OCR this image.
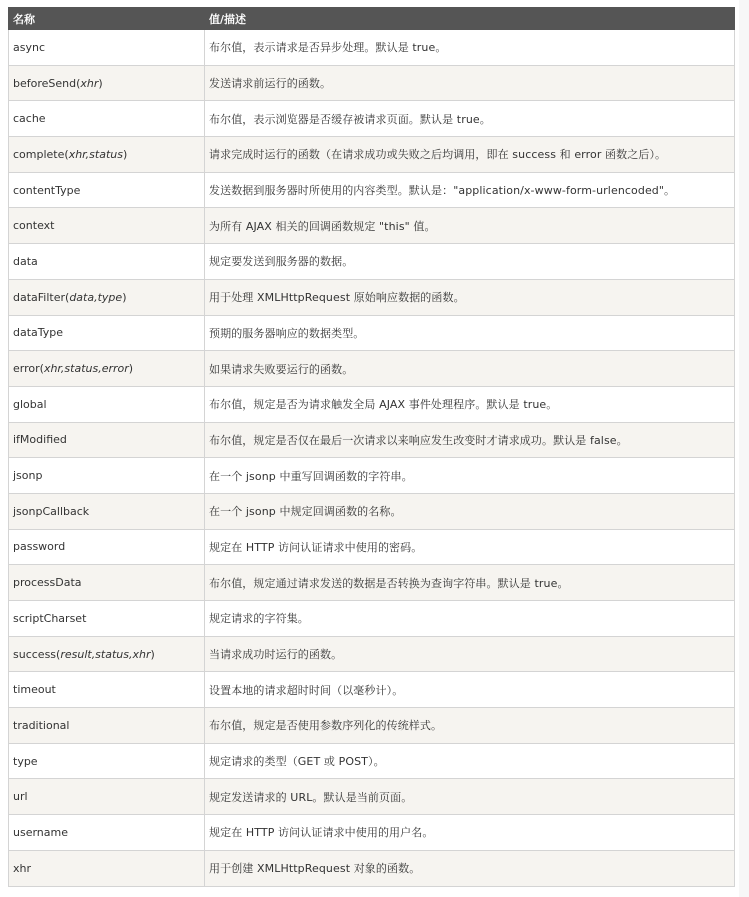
名称	值/描述
async	布尔值，表示请求是否异步处理。默认是 true。
beforeSend(xhr)	发送请求前运行的函数。
cache	布尔值，表示浏览器是否缓存被请求页面。默认是 true。
complete(xhr,status)	请求完成时运行的函数（在请求成功或失败之后均调用，即在 success 和 error 函数之后）。
contentType	发送数据到服务器时所使用的内容类型。默认是："application/x-www-form-urlencoded"。
context	为所有 AJAX 相关的回调函数规定 "this" 值。
data	规定要发送到服务器的数据。
dataFilter(data,type)	用于处理 XMLHttpRequest 原始响应数据的函数。
dataType	预期的服务器响应的数据类型。
error(xhr,status,error)	如果请求失败要运行的函数。
global	布尔值，规定是否为请求触发全局 AJAX 事件处理程序。默认是 true。
ifModified	布尔值，规定是否仅在最后一次请求以来响应发生改变时才请求成功。默认是 false。
jsonp	在一个 jsonp 中重写回调函数的字符串。
jsonpCallback	在一个 jsonp 中规定回调函数的名称。
password	规定在 HTTP 访问认证请求中使用的密码。
processData	布尔值，规定通过请求发送的数据是否转换为查询字符串。默认是 true。
scriptCharset	规定请求的字符集。
success(result,status,xhr)	当请求成功时运行的函数。
timeout	设置本地的请求超时时间（以毫秒计）。
traditional	布尔值，规定是否使用参数序列化的传统样式。
type	规定请求的类型（GET 或 POST）。
url	规定发送请求的 URL。默认是当前页面。
username	规定在 HTTP 访问认证请求中使用的用户名。
xhr	用于创建 XMLHttpRequest 对象的函数。
